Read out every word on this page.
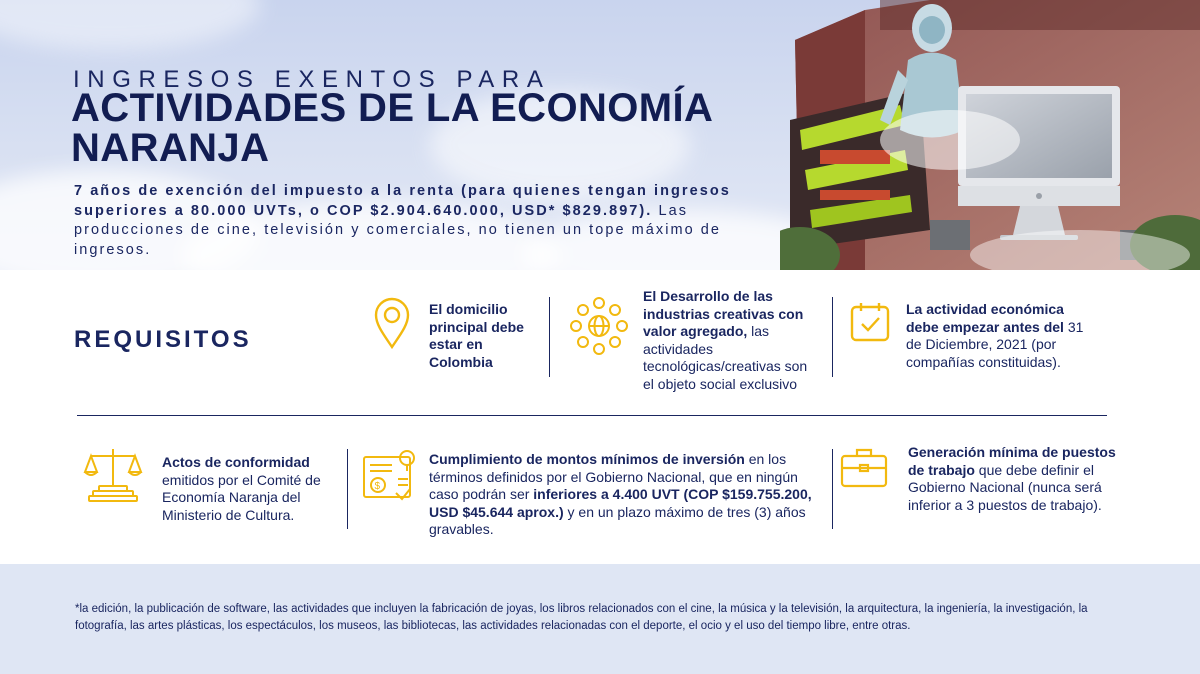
INGRESOS EXENTOS PARA
ACTIVIDADES DE LA ECONOMÍA
NARANJA

7 años de exención del impuesto a la renta (para quienes tengan ingresos superiores a 80.000 UVTs, o COP $2.904.640.000, USD* $829.897). Las producciones de cine, televisión y comerciales, no tienen un tope máximo de ingresos.

REQUISITOS

El domicilio principal debe estar en Colombia

El Desarrollo de las industrias creativas con valor agregado, las actividades tecnológicas/creativas son el objeto social exclusivo

La actividad económica debe empezar antes del 31 de Diciembre, 2021 (por compañías constituidas).

Actos de conformidad emitidos por el Comité de Economía Naranja del Ministerio de Cultura.

$

Cumplimiento de montos mínimos de inversión en los términos definidos por el Gobierno Nacional, que en ningún caso podrán ser inferiores a 4.400 UVT (COP $159.755.200, USD $45.644 aprox.) y en un plazo máximo de tres (3) años gravables.

Generación mínima de puestos de trabajo que debe definir el Gobierno Nacional (nunca será inferior a 3 puestos de trabajo).

*la edición, la publicación de software, las actividades que incluyen la fabricación de joyas, los libros relacionados con el cine, la música y la televisión, la arquitectura, la ingeniería, la investigación, la fotografía, las artes plásticas, los espectáculos, los museos, las bibliotecas, las actividades relacionadas con el deporte, el ocio y el uso del tiempo libre, entre otras.
